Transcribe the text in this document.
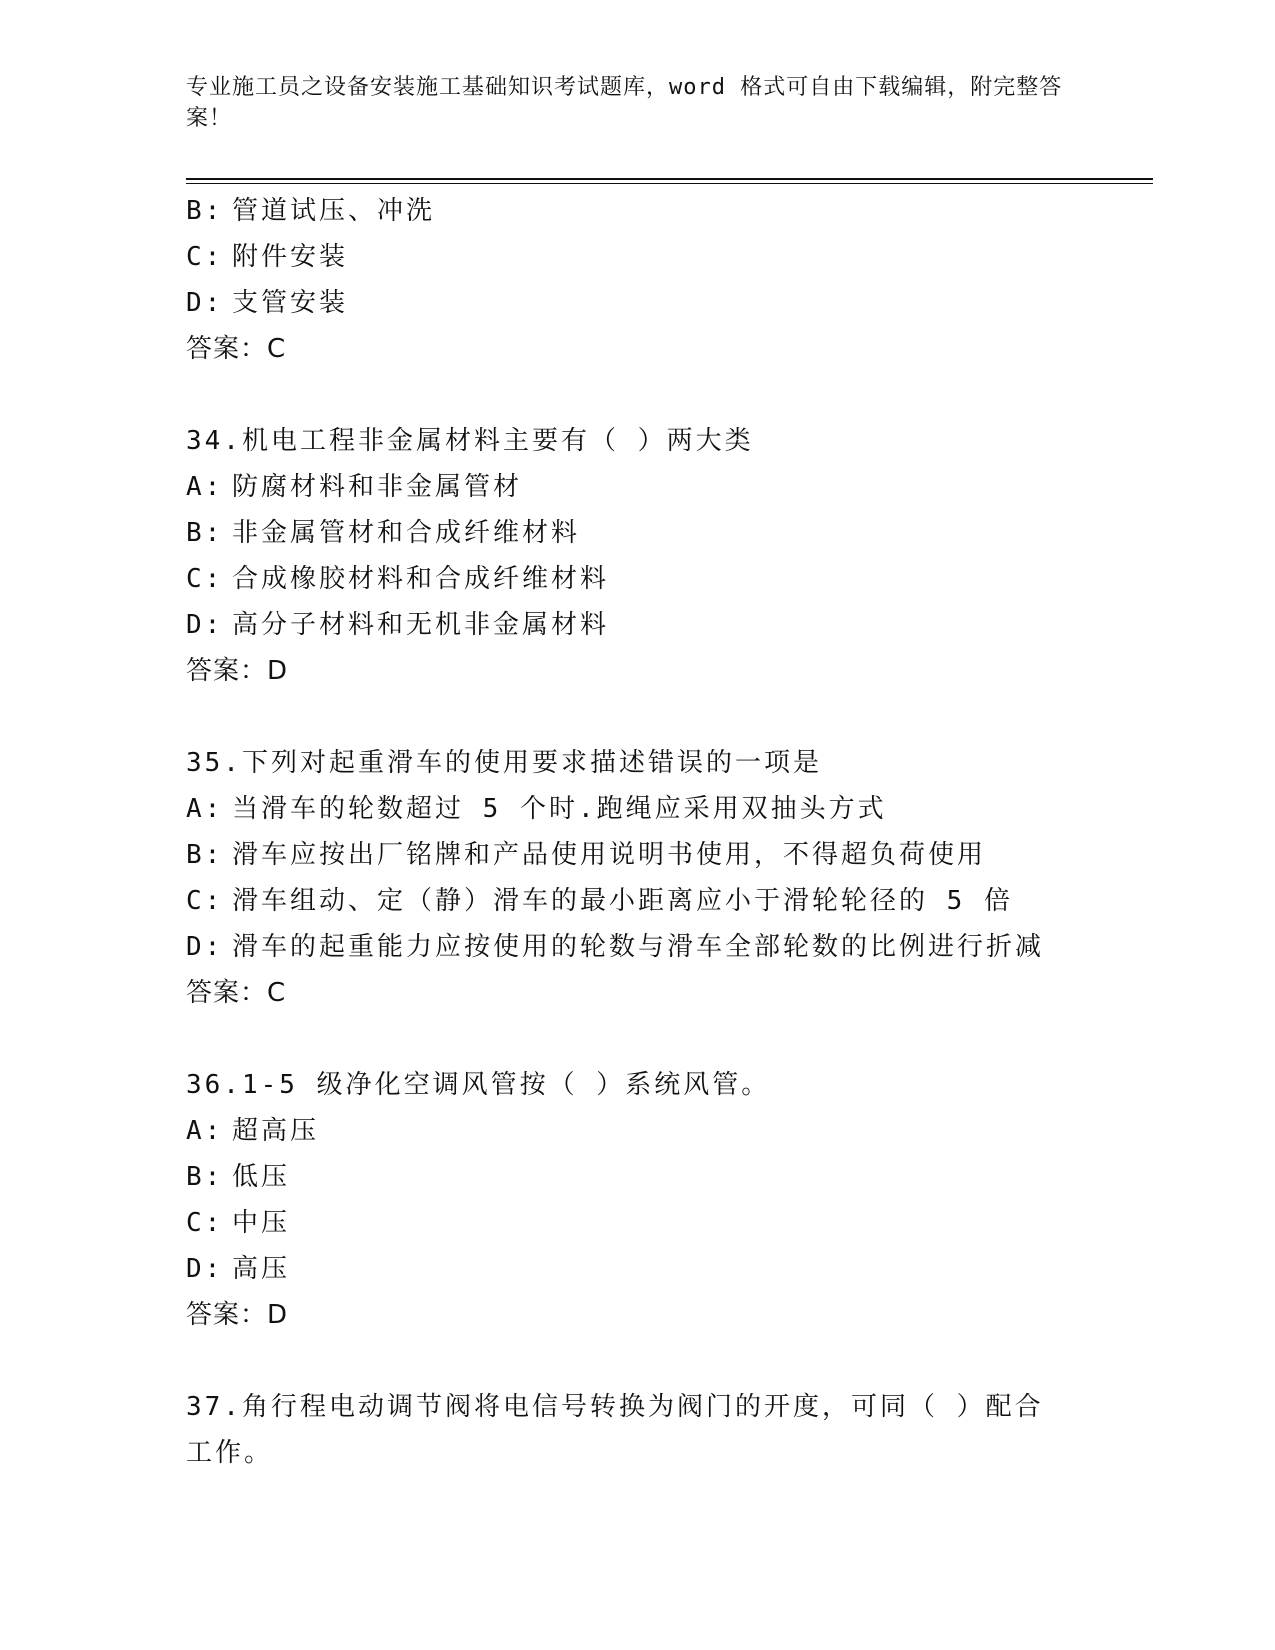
专业施工员之设备安装施工基础知识考试题库，word 格式可自由下载编辑，附完整答案！
B: 管道试压、冲洗
C: 附件安装
D: 支管安装
答案：C
34.机电工程非金属材料主要有（ ）两大类
A: 防腐材料和非金属管材
B: 非金属管材和合成纤维材料
C: 合成橡胶材料和合成纤维材料
D: 高分子材料和无机非金属材料
答案：D
35.下列对起重滑车的使用要求描述错误的一项是
A: 当滑车的轮数超过 5 个时.跑绳应采用双抽头方式
B: 滑车应按出厂铭牌和产品使用说明书使用，不得超负荷使用
C: 滑车组动、定（静）滑车的最小距离应小于滑轮轮径的 5 倍
D: 滑车的起重能力应按使用的轮数与滑车全部轮数的比例进行折减
答案：C
36.1-5 级净化空调风管按（ ）系统风管。
A: 超高压
B: 低压
C: 中压
D: 高压
答案：D
37.角行程电动调节阀将电信号转换为阀门的开度，可同（ ）配合工作。
